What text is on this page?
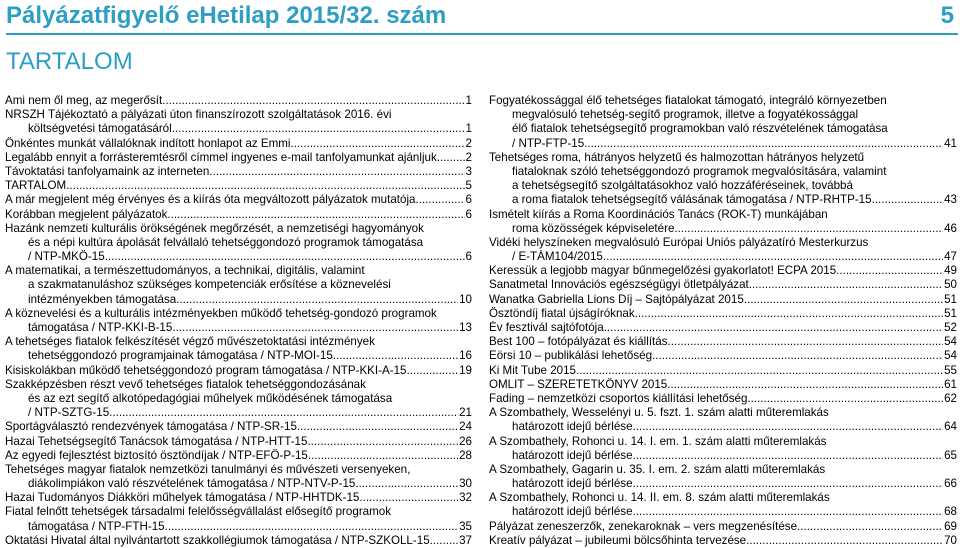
Pályázatfigyelő eHetilap 2015/32. szám	5
TARTALOM
Ami nem ől meg, az megerősít .....	1
NRSZH Tájékoztató a pályázati úton finanszírozott szolgáltatások 2016. évi
költségvetési támogatásáról .....	1
Önkéntes munkát vállalóknak indított honlapot az Emmi .....	2
Legalább ennyit a forrásteremtésről címmel ingyenes e-mail tanfolyamunkat ajánljuk ..... 2
Távoktatási tanfolyamaink az interneten .....	3
TARTALOM .....	5
A már megjelent még érvényes és a kiírás óta megvált​ozott pályázatok mutatója .....	6
Korábban megjelent pályázatok .....	6
Hazánk nemzeti kulturális örökségének megőrzését, a nemzetiségi hagyományok
és a népi kultúra ápolását felvállaló tehetséggondozó programok támogatása
/ NTP-MKÖ-15 .....	6
A matematikai, a természettudományos, a technikai, digitális, valamint
a szakmatanuláshoz szükséges kompetenciák erősítése a köznevelési
intézményekben támogatása .....	10
A köznevelési és a kulturális intézményekben működő tehetség-gondozó programok
támogatása / NTP-KKI-B-15 .....	13
A tehetséges fiatalok felkészítését végző művészetoktatási intézmények
tehetséggondozó programjainak támogatása / NTP-MOI-15 .....	16
Kisiskolákban működő tehetséggondozó program támogatása / NTP-KKI-A-15 .....	19
Szakképzésben részt vevő tehetséges fiatalok tehetséggondozásának
és az ezt segítő alkotópedagógiai műhelyek működésének támogatása
/ NTP-SZTG-15 .....	21
Sportágválasztó rendezvények támogatása / NTP-SR-15 .....	24
Hazai Tehetségsegítő Tanácsok támogatása / NTP-HTT-15 .....	26
Az egyedi fejlesztést biztosító ösztöndíjak / NTP-EFÖ-P-15 .....	28
Tehetséges magyar fiatalok nemzetközi tanulmányi és művészeti versenyeken,
diákolimpiákon való részvételének támogatása / NTP-NTV-P-15 .....	30
Hazai Tudományos Diákköri műhelyek támogatása / NTP-HHTDK-15 .....	32
Fiatal felnőtt tehetségek társadalmi felelősségvállalást elősegítő programok
támogatása / NTP-FTH-15 .....	35
Oktatási Hivatal által nyilvántartott szakkollégiumok támogatása / NTP-SZKOLL-15 .....	37
Fogyatékossággal élő tehetséges fiatalokat támogató, integráló környezetben
megvalósuló tehetség-segítő programok, illetve a fogyatékossággal
élő fiatalok tehetségsegítő programokban való részvételének támogatása
/ NTP-FTP-15 .....	41
Tehetséges roma, hátrányos helyzetű és halmozottan hátrányos helyzetű
fiataloknak szóló tehetséggondozó programok megvalósítására, valamint
a tehetségsegítő szolgáltatásokhoz való hozzáféréseinek, továbbá
a roma fiatalok tehetségsegítő válásának támogatása / NTP-RHTP-15 .....	43
Ismételt kiírás a Roma Koordinációs Tanács (ROK-T) munkájában
roma közösségek képviseletére .....	46
Vidéki helyszíneken megvalósuló Európai Uniós pályázatíró Mesterkurzus
/ E-TÁM104/2015 .....	47
Keressük a legjobb magyar bűnmegelőzési gyakorlatot! ECPA 2015 .....	49
Sanatmetal Innovációs egészségügyi ötletpályázat .....	50
Wanatka Gabriella Lions Díj – Sajtópályázat 2015 .....	51
Ösztöndíj fiatal újságíróknak .....	51
Év fesztivál sajtófotója .....	52
Best 100 – fotópályázat és kiállítás .....	54
Eörsi 10 – publikálási lehetőség .....	54
Ki Mit Tube 2015 .....	55
OMLIT – SZERETETKÖNYV 2015 .....	61
Fading – nemzetközi csoportos kiállítási lehetőség .....	62
A Szombathely, Wesselényi u. 5. fszt. 1. szám alatti műteremlakás
határozott idejű bérlése .....	64
A Szombathely, Rohonci u. 14. I. em. 1. szám alatti műteremlakás
határozott idejű bérlése .....	65
A Szombathely, Gagarin u. 35. I. em. 2. szám alatti műteremlakás
határozott idejű bérlése .....	66
A Szombathely, Rohonci u. 14. II. em. 8. szám alatti műteremlakás
határozott idejű bérlése .....	68
Pályázat zeneszerzők, zenekaroknak – vers megzenésítése .....	69
Kreatív pályázat – jubileumi bölcsőhinta tervezése .....	70
